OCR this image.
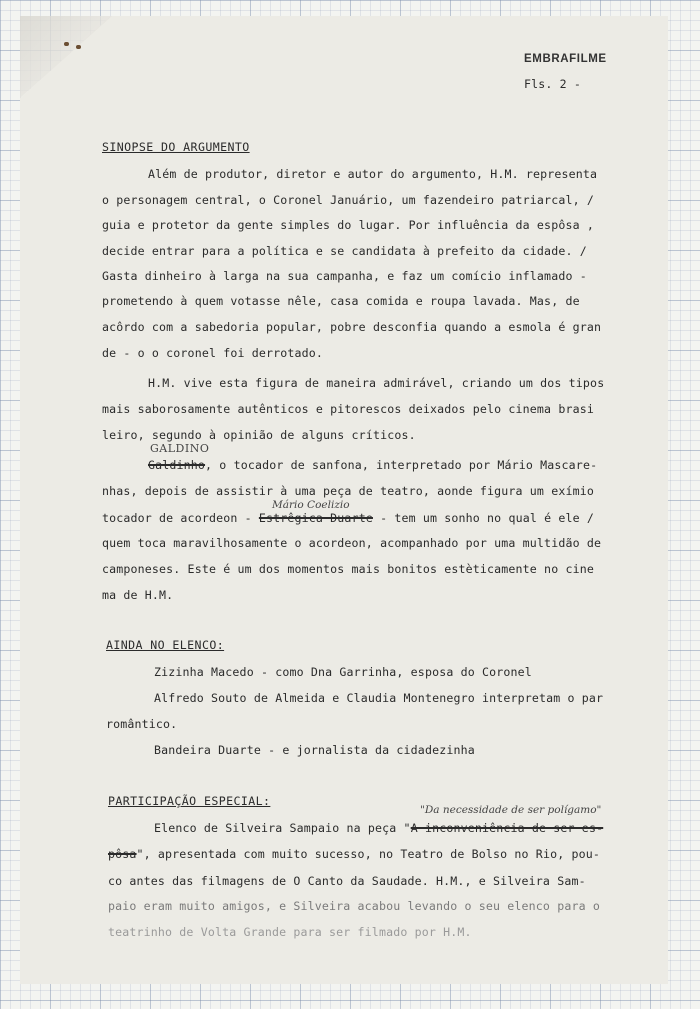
EMBRAFILME
Fls. 2 -
SINOPSE DO ARGUMENTO
Além de produtor, diretor e autor do argumento, H.M. representa
o personagem central, o Coronel Januário, um fazendeiro patriarcal, /
guia e protetor da gente simples do lugar. Por influência da espôsa ,
decide entrar para a política e se candidata à prefeito da cidade. /
Gasta dinheiro à larga na sua campanha, e faz um comício inflamado -
prometendo à quem votasse nêle, casa comida e roupa lavada. Mas, de
acôrdo com a sabedoria popular, pobre desconfia quando a esmola é gran
de - o o coronel foi derrotado.
H.M. vive esta figura de maneira admirável, criando um dos tipos
mais saborosamente autênticos e pitorescos deixados pelo cinema brasi
leiro, segundo à opinião de alguns críticos.
GALDINO
Galdinho, o tocador de sanfona, interpretado por Mário Mascare-
nhas, depois de assistir à uma peça de teatro, aonde figura um exímio
Mário Coelizio
tocador de acordeon - Estrêgica Duarte - tem um sonho no qual é ele /
quem toca maravilhosamente o acordeon, acompanhado por uma multidão de
camponeses. Este é um dos momentos mais bonitos estèticamente no cine
ma de H.M.
AINDA NO ELENCO:
Zizinha Macedo - como Dna Garrinha, esposa do Coronel
Alfredo Souto de Almeida e Claudia Montenegro interpretam o par
romântico.
Bandeira Duarte - e jornalista da cidadezinha
PARTICIPAÇÃO ESPECIAL:
"Da necessidade de ser polígamo"
Elenco de Silveira Sampaio na peça "A inconveniência de ser es-
pôsa", apresentada com muito sucesso, no Teatro de Bolso no Rio, pou-
co antes das filmagens de O Canto da Saudade. H.M., e Silveira Sam-
paio eram muito amigos, e Silveira acabou levando o seu elenco para o
teatrinho de Volta Grande para ser filmado por H.M.
